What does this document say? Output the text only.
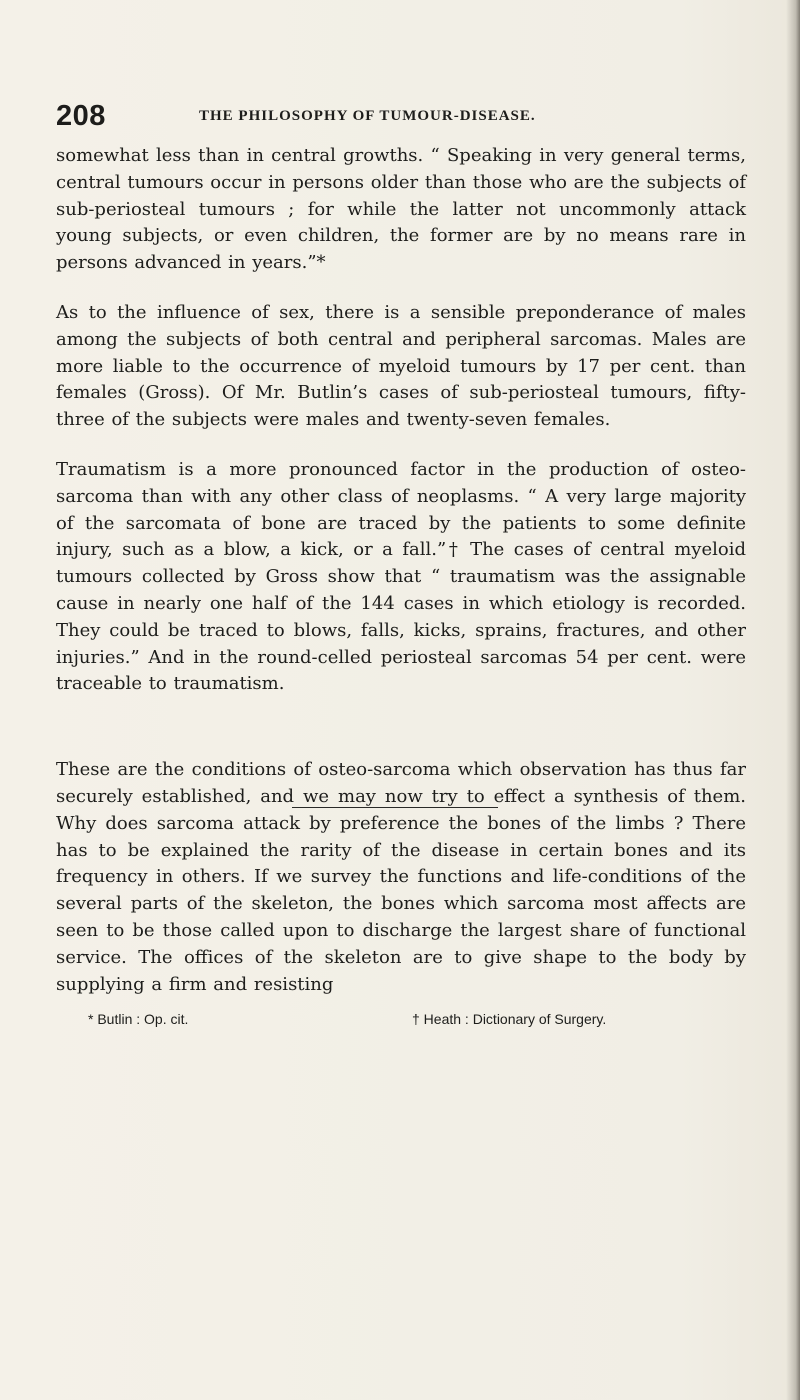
208	THE PHILOSOPHY OF TUMOUR-DISEASE.

somewhat less than in central growths. “ Speaking in very general terms, central tumours occur in persons older than those who are the subjects of sub-periosteal tumours ; for while the latter not uncommonly attack young subjects, or even children, the former are by no means rare in persons advanced in years.”*

As to the influence of sex, there is a sensible preponderance of males among the subjects of both central and peripheral sarcomas. Males are more liable to the occurrence of myeloid tumours by 17 per cent. than females (Gross). Of Mr. Butlin’s cases of sub-periosteal tumours, fifty-three of the subjects were males and twenty-seven females.

Traumatism is a more pronounced factor in the production of osteo-sarcoma than with any other class of neoplasms. “ A very large majority of the sarcomata of bone are traced by the patients to some definite injury, such as a blow, a kick, or a fall.”† The cases of central myeloid tumours collected by Gross show that “ traumatism was the assignable cause in nearly one half of the 144 cases in which etiology is recorded. They could be traced to blows, falls, kicks, sprains, fractures, and other injuries.” And in the round-celled periosteal sarcomas 54 per cent. were traceable to traumatism.

These are the conditions of osteo-sarcoma which observation has thus far securely established, and we may now try to effect a synthesis of them. Why does sarcoma attack by preference the bones of the limbs ? There has to be explained the rarity of the disease in certain bones and its frequency in others. If we survey the functions and life-conditions of the several parts of the skeleton, the bones which sarcoma most affects are seen to be those called upon to discharge the largest share of functional service. The offices of the skeleton are to give shape to the body by supplying a firm and resisting

* Butlin : Op. cit.	† Heath : Dictionary of Surgery.
